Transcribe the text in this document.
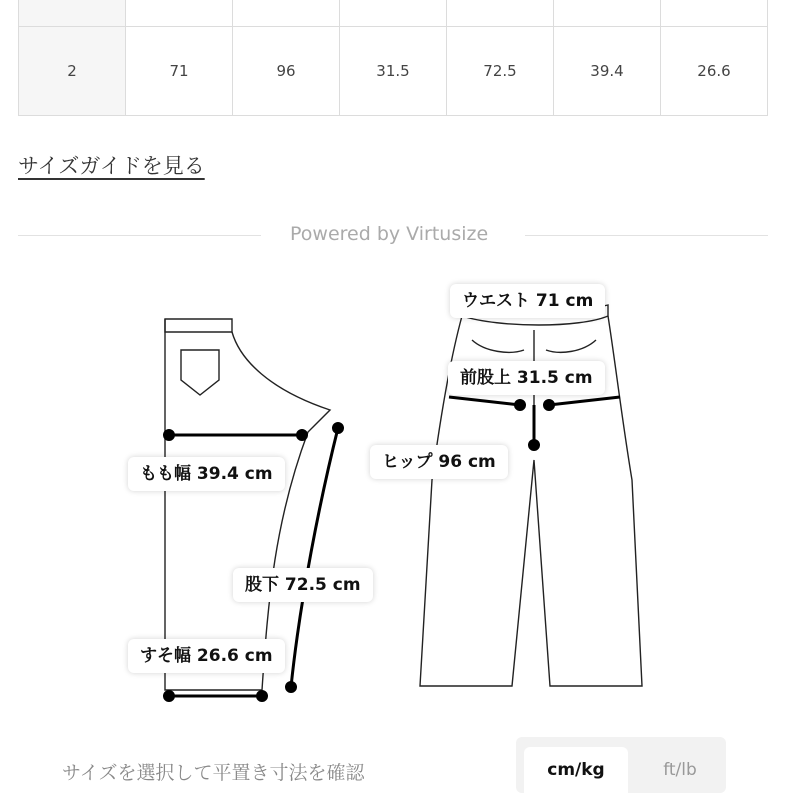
2	71	96	31.5	72.5	39.4	26.6
サイズガイドを見る
Powered by Virtusize
ウエスト 71 cm
前股上 31.5 cm
ヒップ 96 cm
もも幅 39.4 cm
股下 72.5 cm
すそ幅 26.6 cm
サイズを選択して平置き寸法を確認	cm/kg	ft/lb
